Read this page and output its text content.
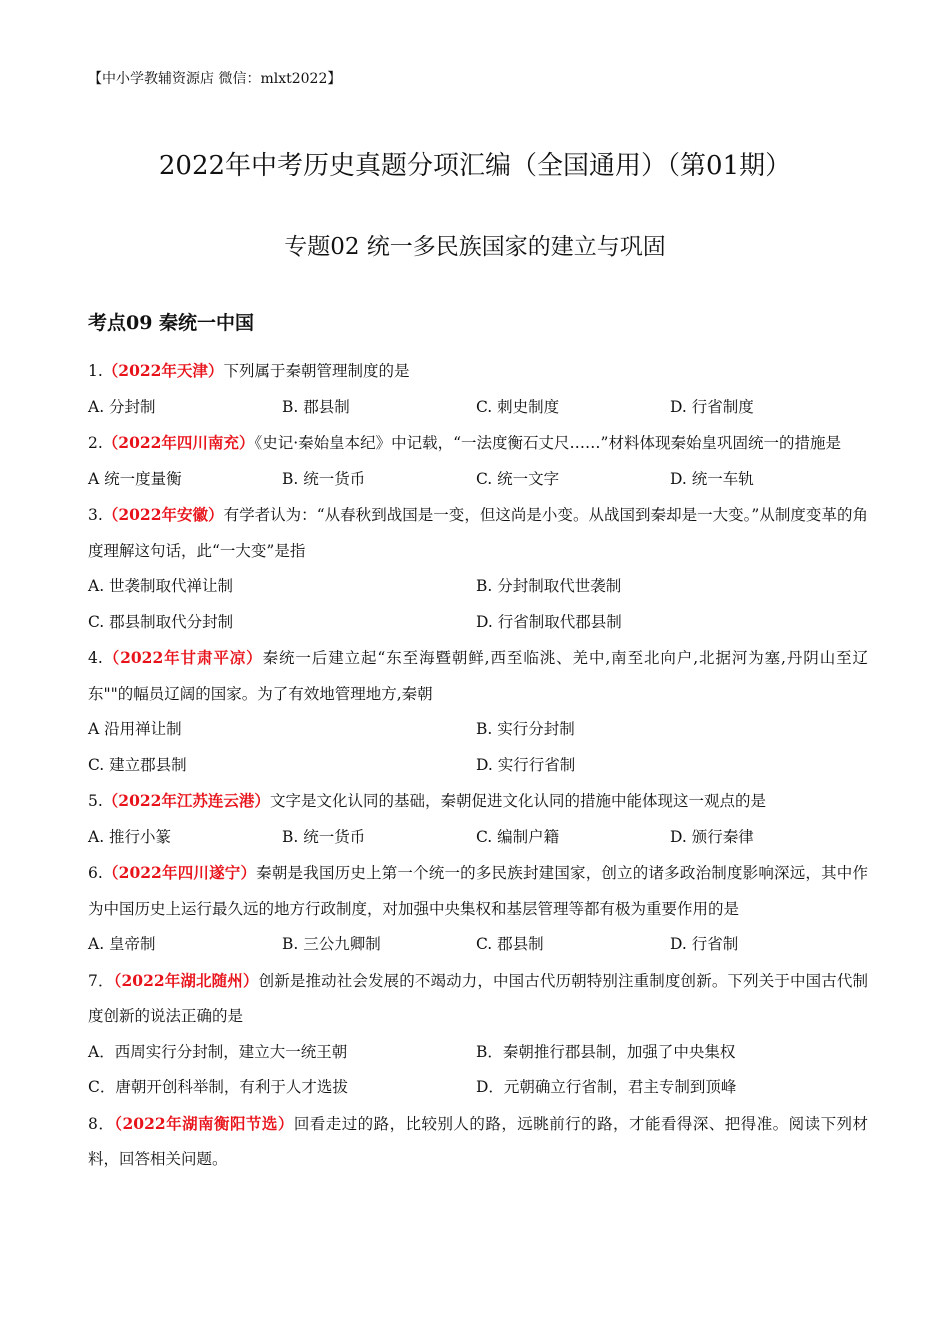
【中小学教辅资源店 微信：mlxt2022】
2022年中考历史真题分项汇编（全国通用）（第01期）
专题02 统一多民族国家的建立与巩固
考点09 秦统一中国
1.（2022年天津）下列属于秦朝管理制度的是
A. 分封制	B. 郡县制	C. 刺史制度	D. 行省制度
2.（2022年四川南充）《史记·秦始皇本纪》中记载，“一法度衡石丈尺……”材料体现秦始皇巩固统一的措施是
A 统一度量衡	B. 统一货币	C. 统一文字	D. 统一车轨
3.（2022年安徽）有学者认为：“从春秋到战国是一变，但这尚是小变。从战国到秦却是一大变。”从制度变革的角度理解这句话，此“一大变”是指
A. 世袭制取代禅让制	B. 分封制取代世袭制
C. 郡县制取代分封制	D. 行省制取代郡县制
4.（2022年甘肃平凉）秦统一后建立起“东至海暨朝鲜,西至临洮、羌中,南至北向户,北据河为塞,丹阴山至辽东""的幅员辽阔的国家。为了有效地管理地方,秦朝
A 沿用禅让制	B. 实行分封制
C. 建立郡县制	D. 实行行省制
5.（2022年江苏连云港）文字是文化认同的基础，秦朝促进文化认同的措施中能体现这一观点的是
A. 推行小篆	B. 统一货币	C. 编制户籍	D. 颁行秦律
6.（2022年四川遂宁）秦朝是我国历史上第一个统一的多民族封建国家，创立的诸多政治制度影响深远，其中作为中国历史上运行最久远的地方行政制度，对加强中央集权和基层管理等都有极为重要作用的是
A. 皇帝制	B. 三公九卿制	C. 郡县制	D. 行省制
7．（2022年湖北随州）创新是推动社会发展的不竭动力，中国古代历朝特别注重制度创新。下列关于中国古代制度创新的说法正确的是
A．西周实行分封制，建立大一统王朝	B．秦朝推行郡县制，加强了中央集权
C．唐朝开创科举制，有利于人才选拔	D．元朝确立行省制，君主专制到顶峰
8．（2022年湖南衡阳节选）回看走过的路，比较别人的路，远眺前行的路，才能看得深、把得准。阅读下列材料，回答相关问题。
